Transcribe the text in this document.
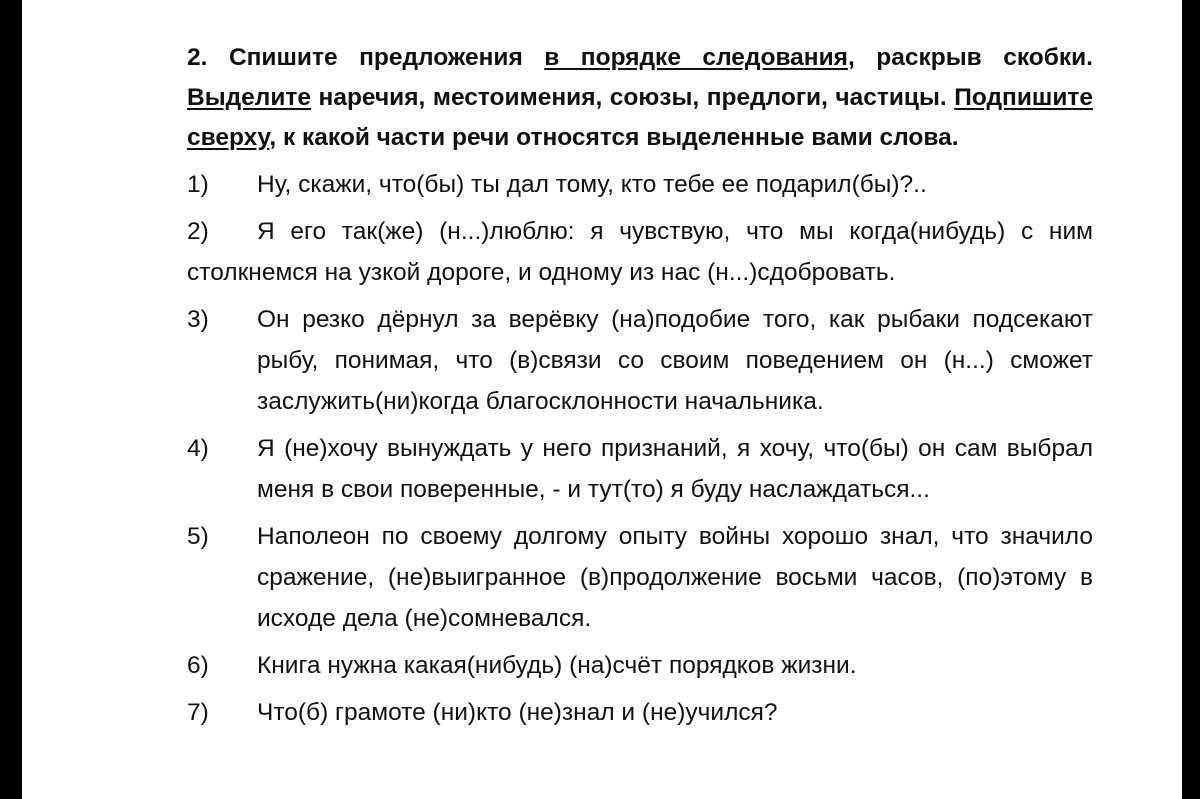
2. Спишите предложения в порядке следования, раскрыв скобки. Выделите наречия, местоимения, союзы, предлоги, частицы. Подпишите сверху, к какой части речи относятся выделенные вами слова.

1) Ну, скажи, что(бы) ты дал тому, кто тебе ее подарил(бы)?..

2) Я его так(же) (н...)люблю: я чувствую, что мы когда(нибудь) с ним столкнемся на узкой дороге, и одному из нас (н...)сдобровать.

3) Он резко дёрнул за верёвку (на)подобие того, как рыбаки подсекают рыбу, понимая, что (в)связи со своим поведением он (н...) сможет заслужить(ни)когда благосклонности начальника.

4) Я (не)хочу вынуждать у него признаний, я хочу, что(бы) он сам выбрал меня в свои поверенные, - и тут(то) я буду наслаждаться...

5) Наполеон по своему долгому опыту войны хорошо знал, что значило сражение, (не)выигранное (в)продолжение восьми часов, (по)этому в исходе дела (не)сомневался.

6) Книга нужна какая(нибудь) (на)счёт порядков жизни.

7) Что(б) грамоте (ни)кто (не)знал и (не)учился?
